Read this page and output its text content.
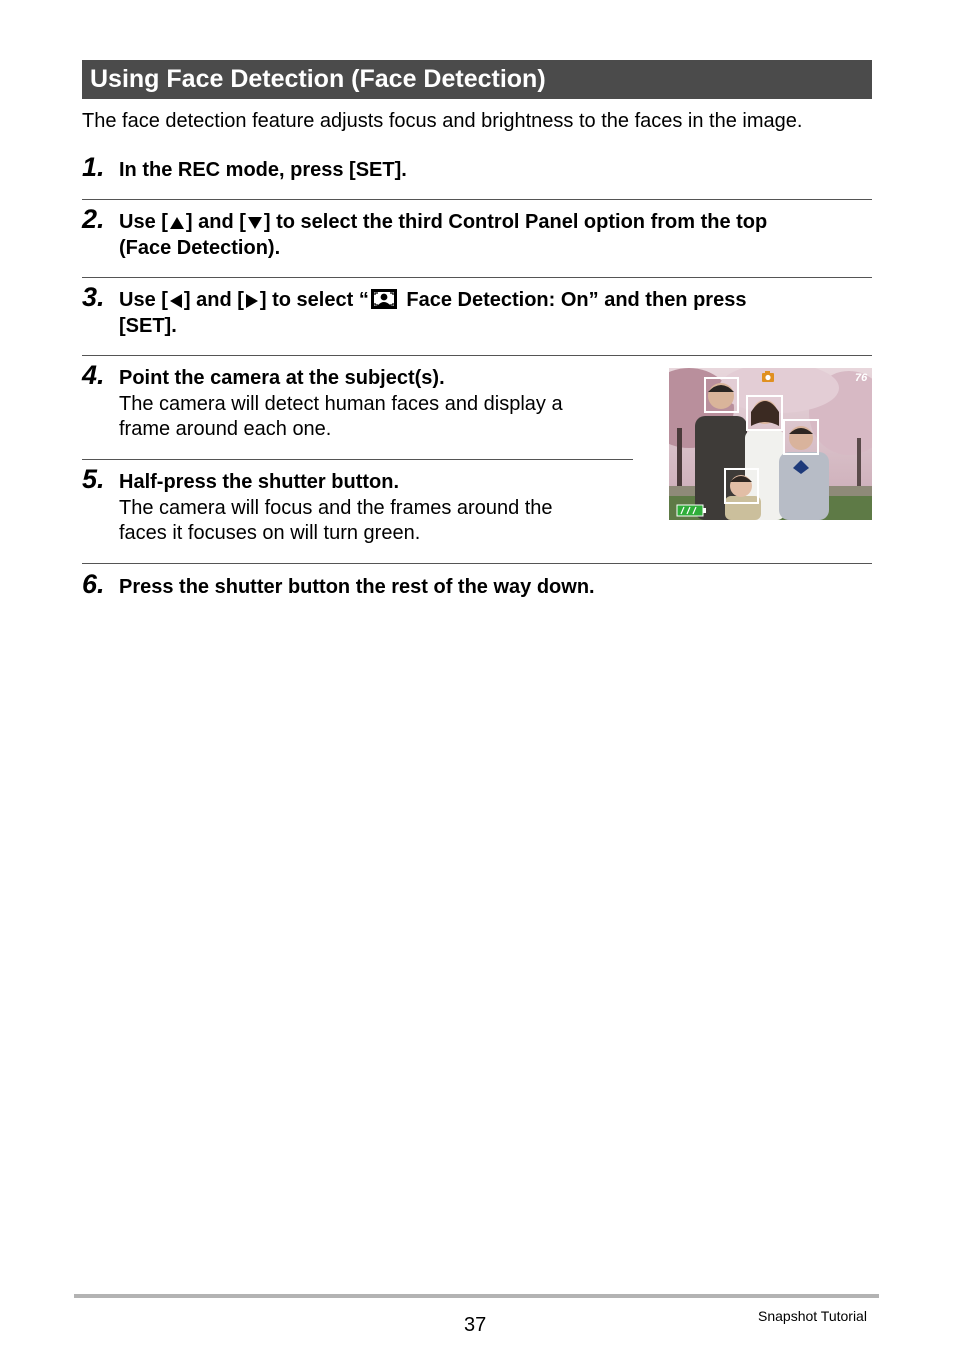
Using Face Detection (Face Detection)
The face detection feature adjusts focus and brightness to the faces in the image.
1. In the REC mode, press [SET].
2. Use [ ] and [ ] to select the third Control Panel option from the top
(Face Detection).
3. Use [ ] and [ ] to select “ Face Detection: On” and then press
[SET].
4. Point the camera at the subject(s).
The camera will detect human faces and display a
frame around each one.
5. Half-press the shutter button.
The camera will focus and the frames around the
faces it focuses on will turn green.
6. Press the shutter button the rest of the way down.
76
37	Snapshot Tutorial
